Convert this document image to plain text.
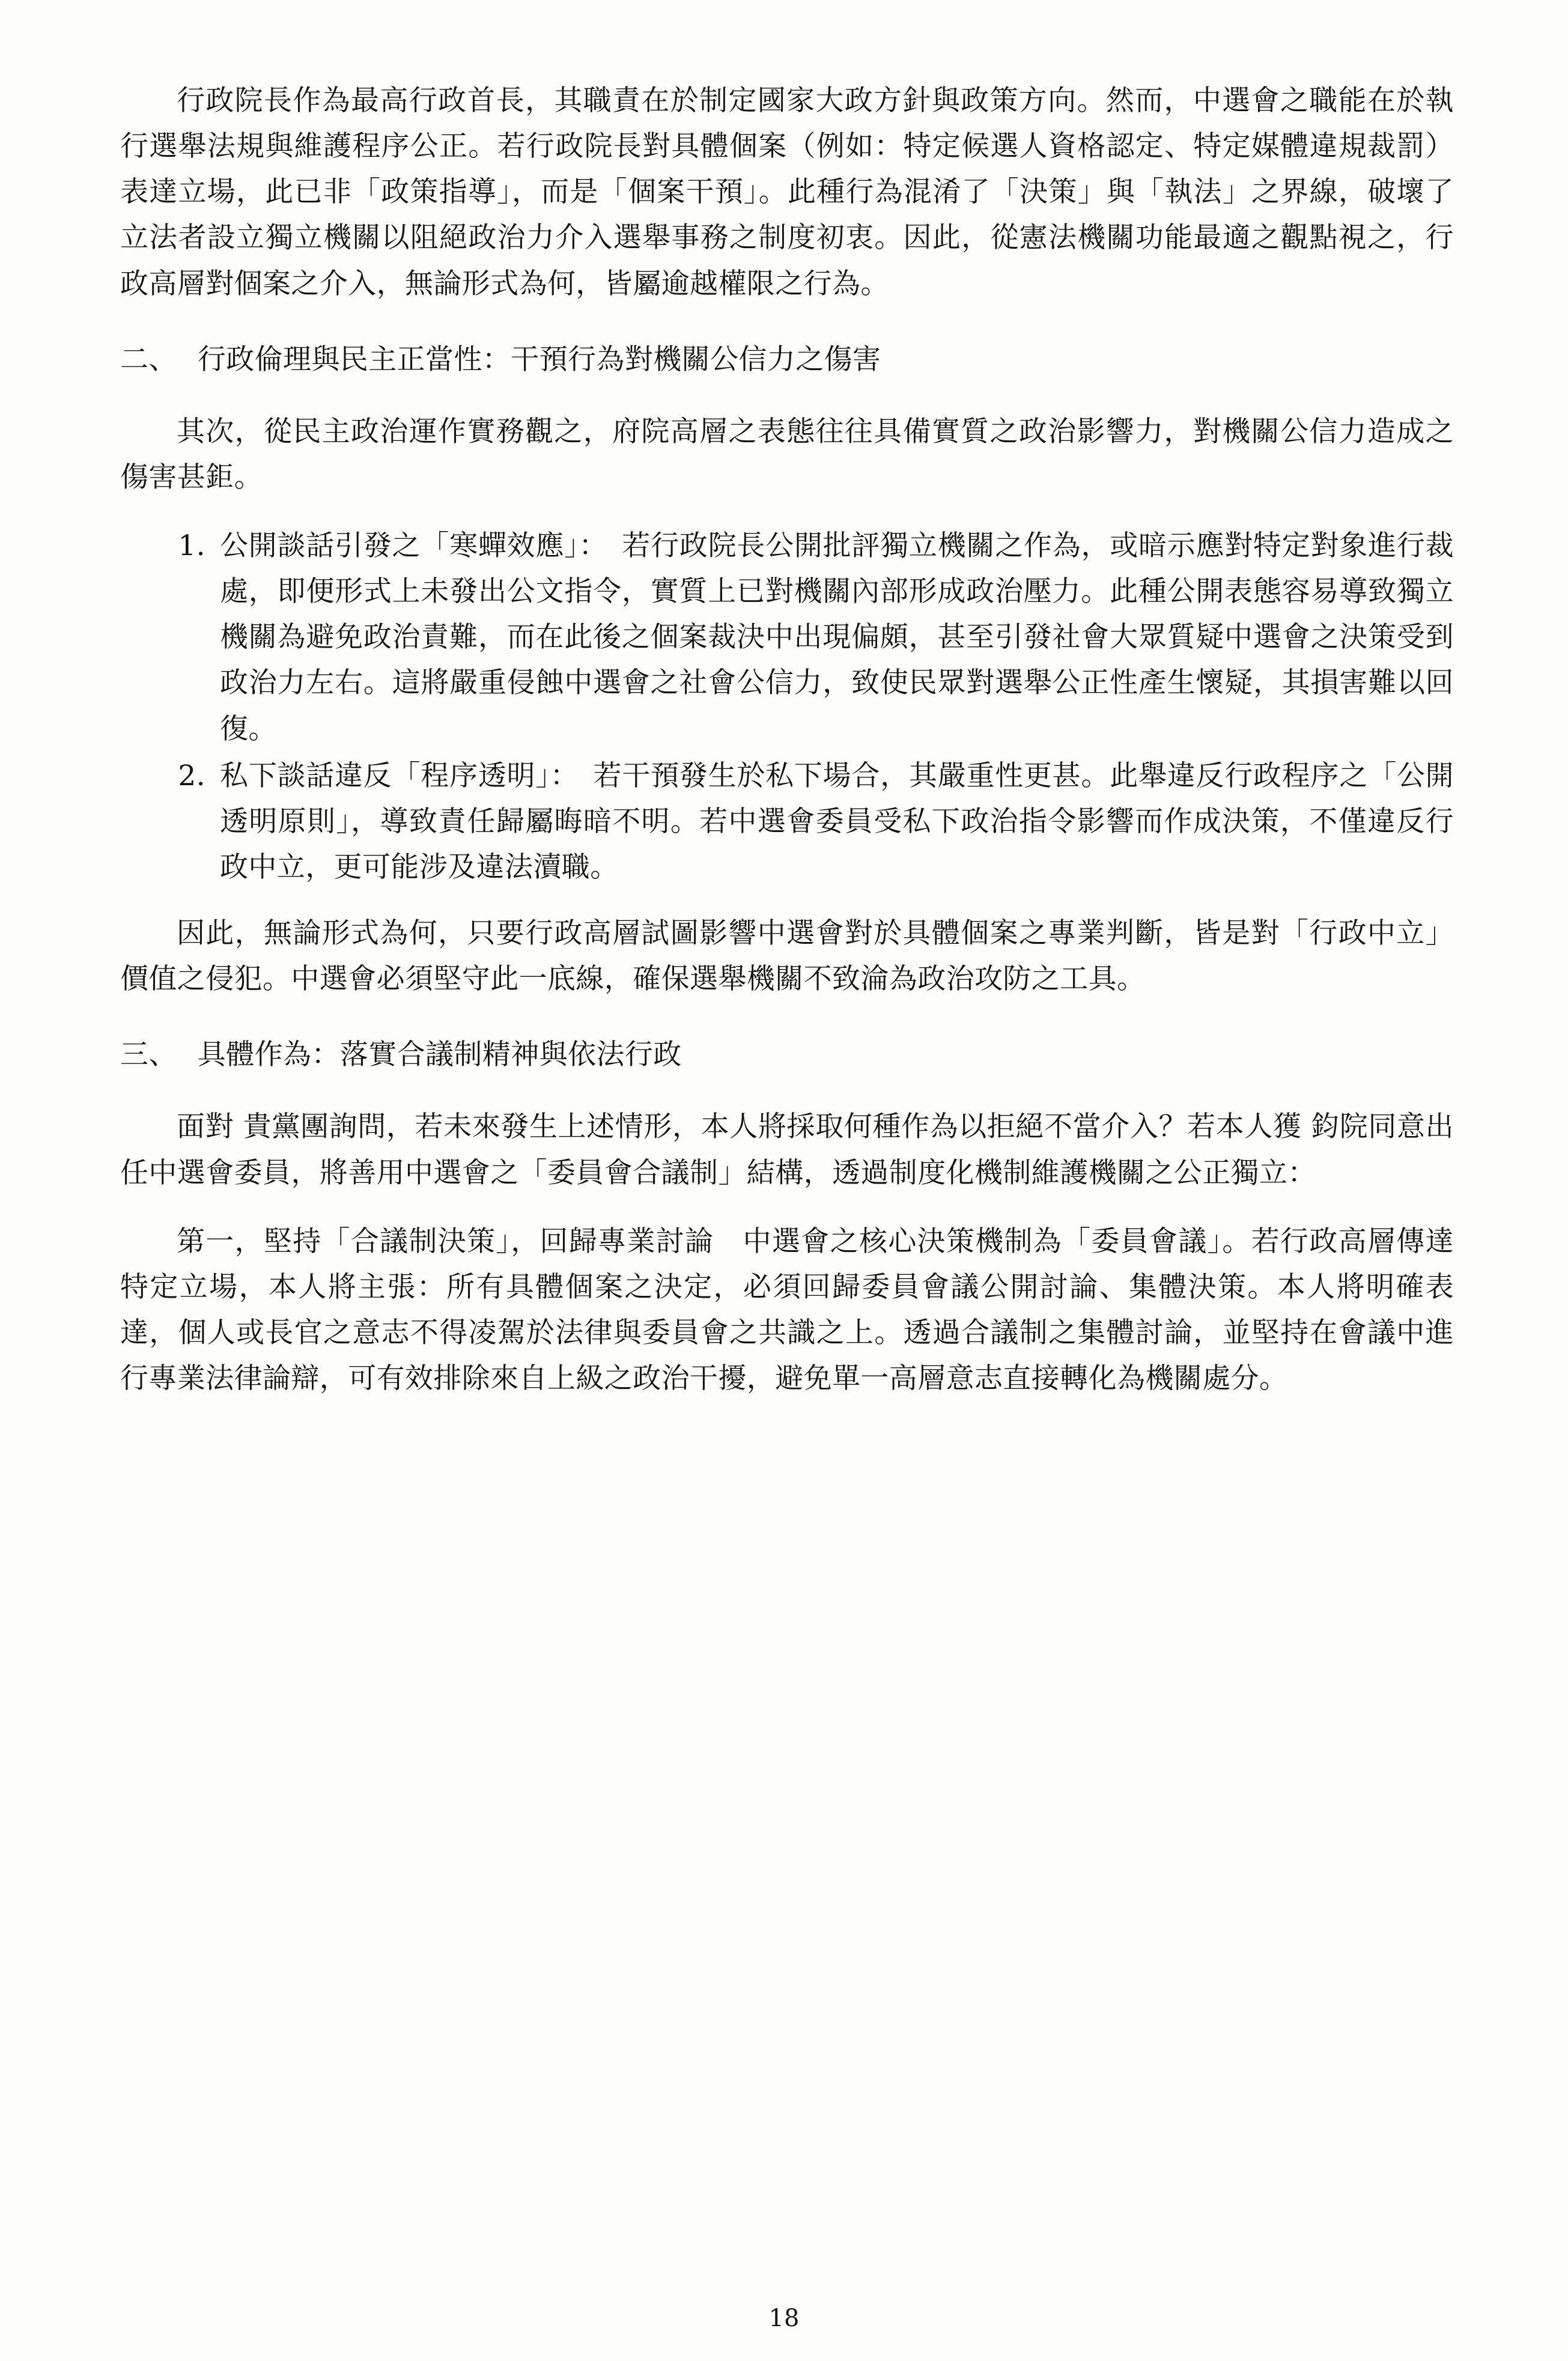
行政院長作為最高行政首長，其職責在於制定國家大政方針與政策方向。然而，中選會之職能在於執行選舉法規與維護程序公正。若行政院長對具體個案（例如：特定候選人資格認定、特定媒體違規裁罰）表達立場，此已非「政策指導」，而是「個案干預」。此種行為混淆了「決策」與「執法」之界線，破壞了立法者設立獨立機關以阻絕政治力介入選舉事務之制度初衷。因此，從憲法機關功能最適之觀點視之，行政高層對個案之介入，無論形式為何，皆屬逾越權限之行為。

二、 行政倫理與民主正當性：干預行為對機關公信力之傷害

其次，從民主政治運作實務觀之，府院高層之表態往往具備實質之政治影響力，對機關公信力造成之傷害甚鉅。

1. 公開談話引發之「寒蟬效應」：　若行政院長公開批評獨立機關之作為，或暗示應對特定對象進行裁處，即便形式上未發出公文指令，實質上已對機關內部形成政治壓力。此種公開表態容易導致獨立機關為避免政治責難，而在此後之個案裁決中出現偏頗，甚至引發社會大眾質疑中選會之決策受到政治力左右。這將嚴重侵蝕中選會之社會公信力，致使民眾對選舉公正性產生懷疑，其損害難以回復。
2. 私下談話違反「程序透明」：　若干預發生於私下場合，其嚴重性更甚。此舉違反行政程序之「公開透明原則」，導致責任歸屬晦暗不明。若中選會委員受私下政治指令影響而作成決策，不僅違反行政中立，更可能涉及違法瀆職。

因此，無論形式為何，只要行政高層試圖影響中選會對於具體個案之專業判斷，皆是對「行政中立」價值之侵犯。中選會必須堅守此一底線，確保選舉機關不致淪為政治攻防之工具。

三、 具體作為：落實合議制精神與依法行政

面對 貴黨團詢問，若未來發生上述情形，本人將採取何種作為以拒絕不當介入？若本人獲 鈞院同意出任中選會委員，將善用中選會之「委員會合議制」結構，透過制度化機制維護機關之公正獨立：

第一，堅持「合議制決策」，回歸專業討論　中選會之核心決策機制為「委員會議」。若行政高層傳達特定立場，本人將主張：所有具體個案之決定，必須回歸委員會議公開討論、集體決策。本人將明確表達，個人或長官之意志不得凌駕於法律與委員會之共識之上。透過合議制之集體討論，並堅持在會議中進行專業法律論辯，可有效排除來自上級之政治干擾，避免單一高層意志直接轉化為機關處分。

18
